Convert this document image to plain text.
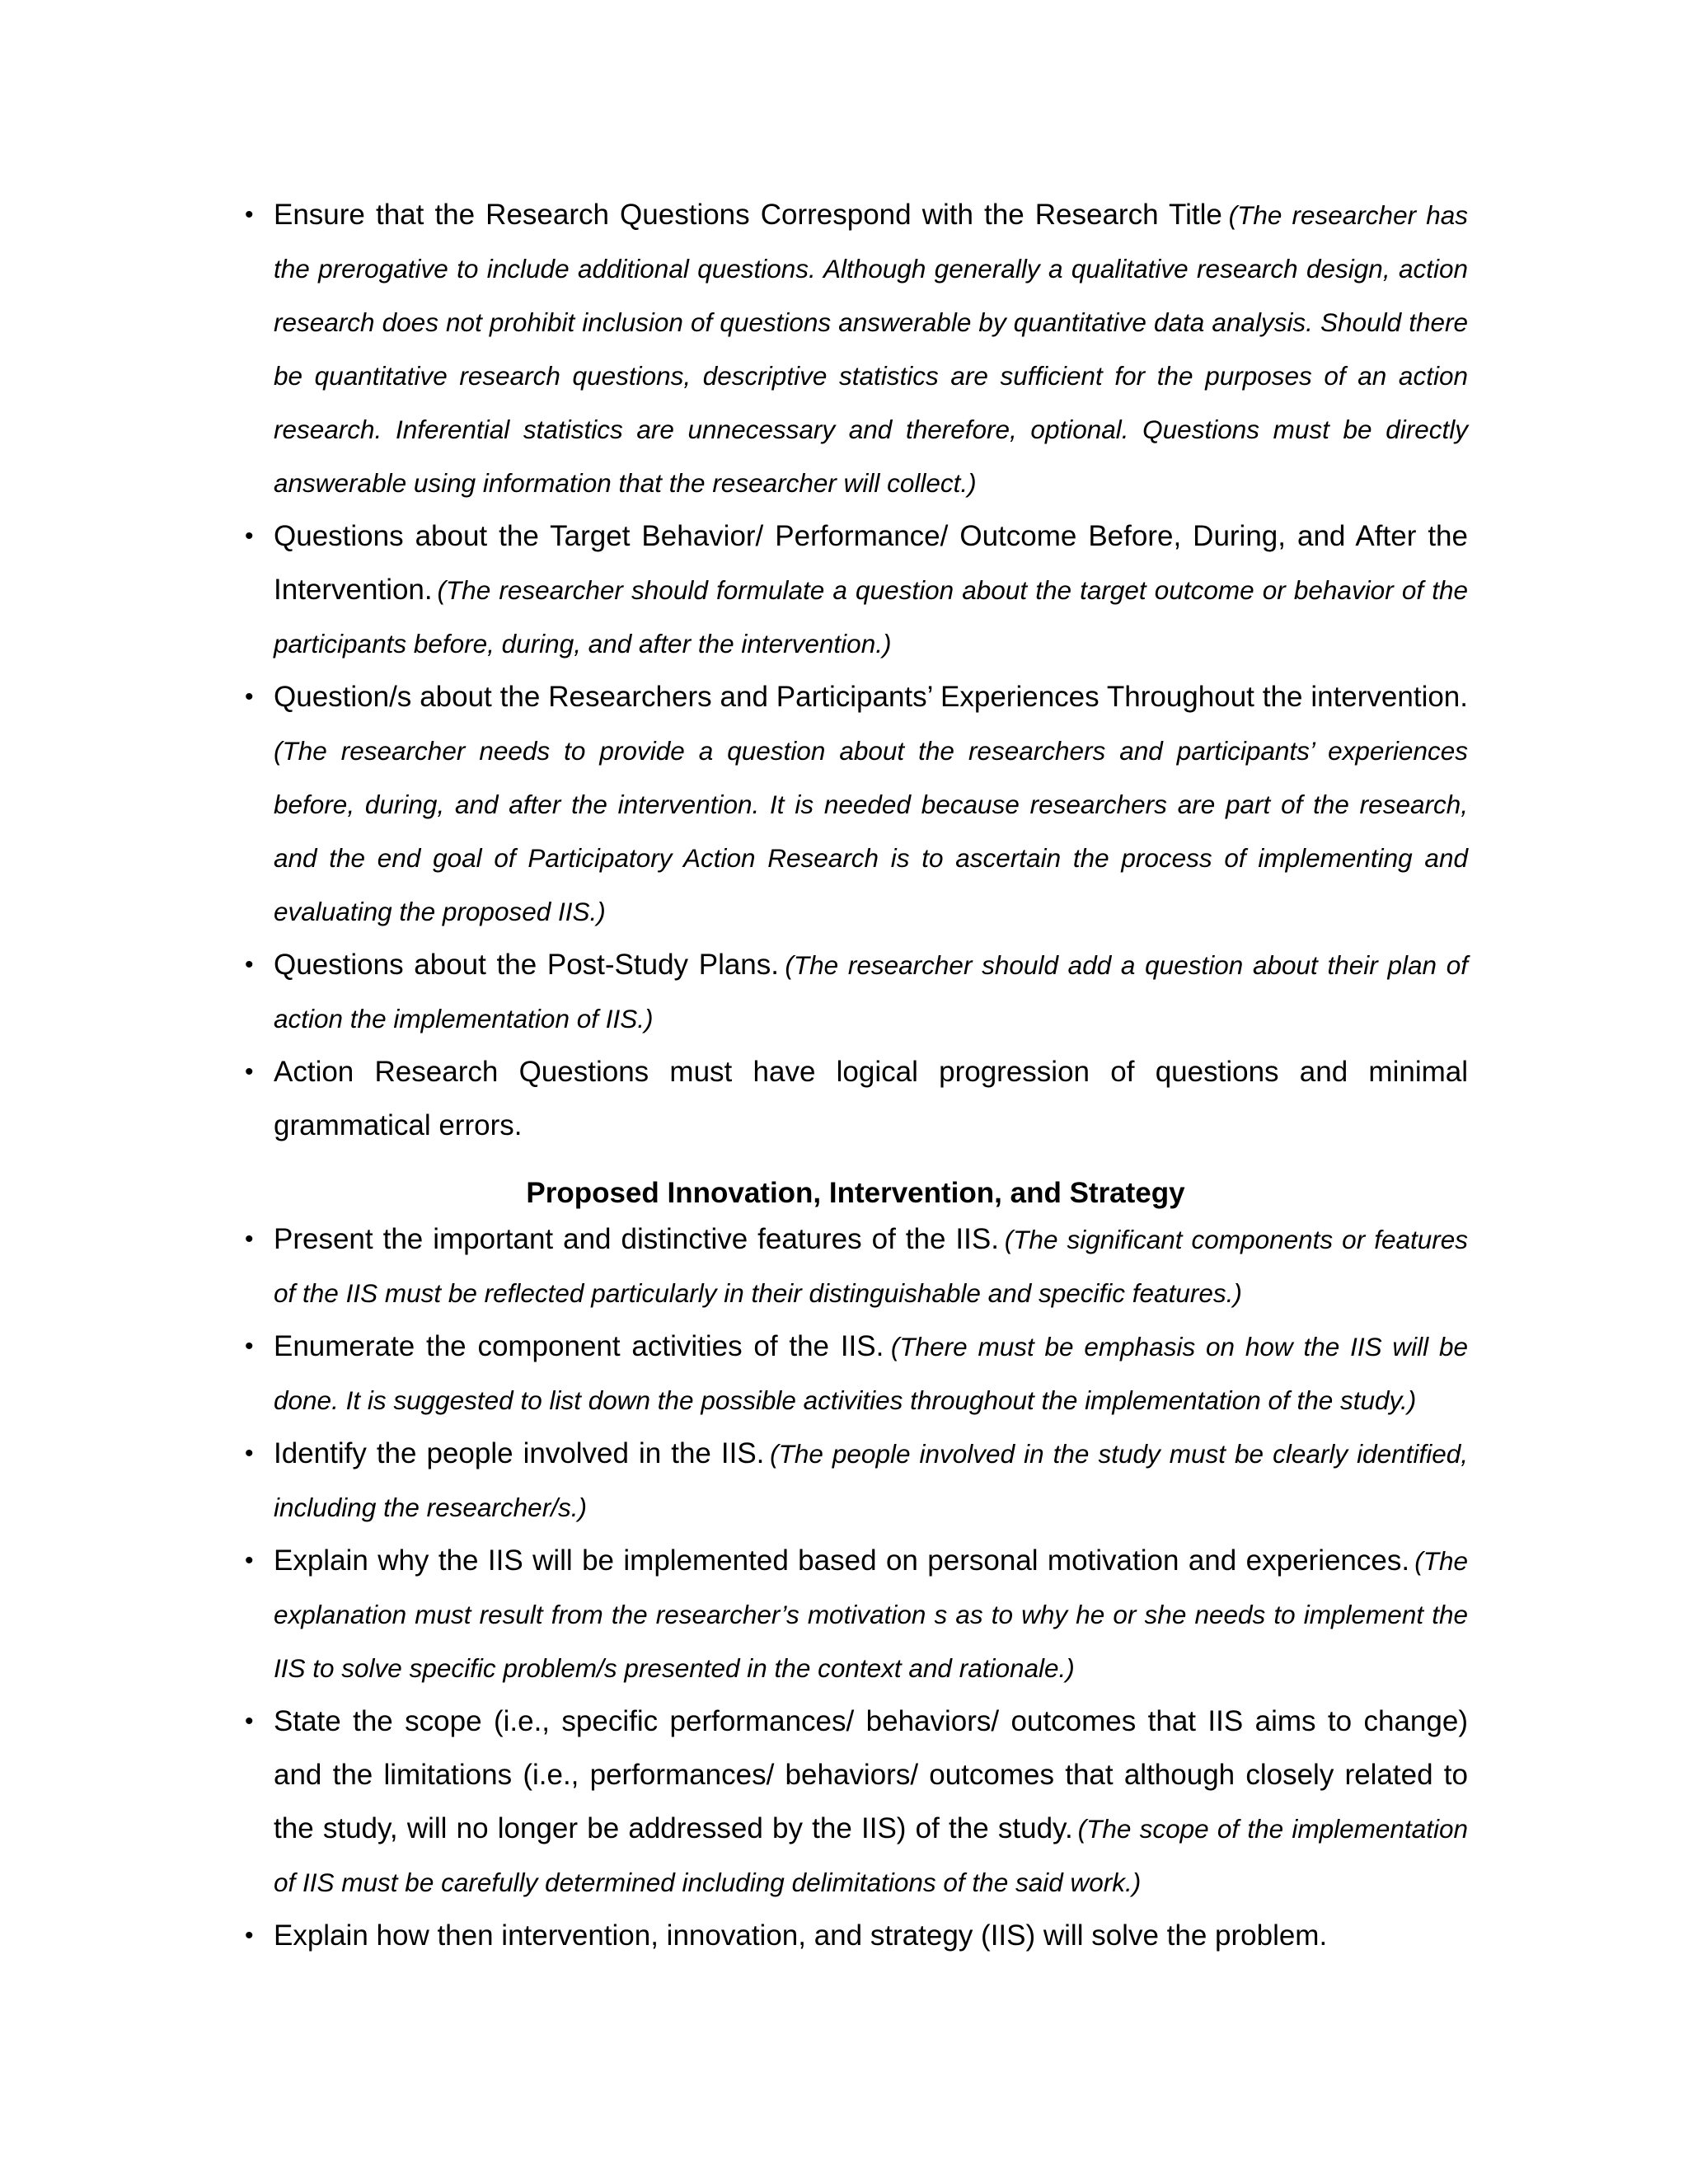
• Ensure that the Research Questions Correspond with the Research Title (The researcher has the prerogative to include additional questions. Although generally a qualitative research design, action research does not prohibit inclusion of questions answerable by quantitative data analysis. Should there be quantitative research questions, descriptive statistics are sufficient for the purposes of an action research. Inferential statistics are unnecessary and therefore, optional. Questions must be directly answerable using information that the researcher will collect.)
• Questions about the Target Behavior/ Performance/ Outcome Before, During, and After the Intervention. (The researcher should formulate a question about the target outcome or behavior of the participants before, during, and after the intervention.)
• Question/s about the Researchers and Participants’ Experiences Throughout the intervention. (The researcher needs to provide a question about the researchers and participants’ experiences before, during, and after the intervention. It is needed because researchers are part of the research, and the end goal of Participatory Action Research is to ascertain the process of implementing and evaluating the proposed IIS.)
• Questions about the Post-Study Plans. (The researcher should add a question about their plan of action the implementation of IIS.)
• Action Research Questions must have logical progression of questions and minimal grammatical errors.
Proposed Innovation, Intervention, and Strategy
• Present the important and distinctive features of the IIS. (The significant components or features of the IIS must be reflected particularly in their distinguishable and specific features.)
• Enumerate the component activities of the IIS. (There must be emphasis on how the IIS will be done. It is suggested to list down the possible activities throughout the implementation of the study.)
• Identify the people involved in the IIS. (The people involved in the study must be clearly identified, including the researcher/s.)
• Explain why the IIS will be implemented based on personal motivation and experiences. (The explanation must result from the researcher’s motivation s as to why he or she needs to implement the IIS to solve specific problem/s presented in the context and rationale.)
• State the scope (i.e., specific performances/ behaviors/ outcomes that IIS aims to change) and the limitations (i.e., performances/ behaviors/ outcomes that although closely related to the study, will no longer be addressed by the IIS) of the study. (The scope of the implementation of IIS must be carefully determined including delimitations of the said work.)
• Explain how then intervention, innovation, and strategy (IIS) will solve the problem.
